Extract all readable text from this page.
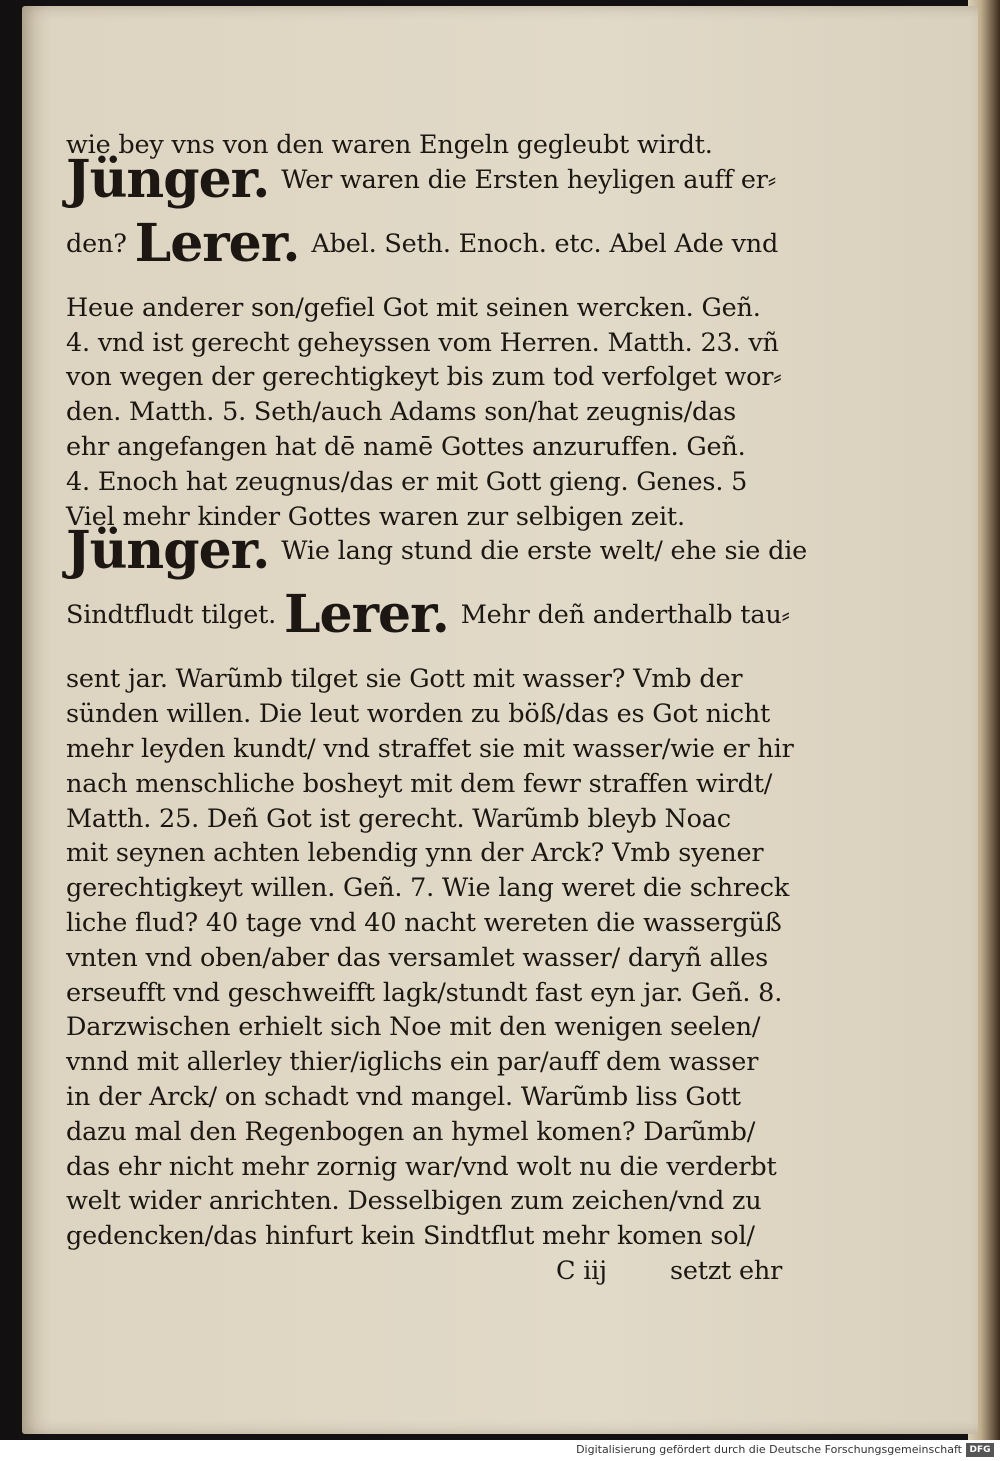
wie bey vns von den waren Engeln gegleubt wirdt.
Jünger. Wer waren die Ersten heyligen auff er⸗
den? Lerer. Abel. Seth. Enoch. etc. Abel Ade vnd
Heue anderer son/gefiel Got mit seinen wercken. Geñ.
4. vnd ist gerecht geheyssen vom Herren. Matth. 23. vñ
von wegen der gerechtigkeyt bis zum tod verfolget wor⸗
den. Matth. 5. Seth/auch Adams son/hat zeugnis/das
ehr angefangen hat dē namē Gottes anzuruffen. Geñ.
4. Enoch hat zeugnus/das er mit Gott gieng. Genes. 5
Viel mehr kinder Gottes waren zur selbigen zeit.
Jünger. Wie lang stund die erste welt/ ehe sie die
Sindtfludt tilget. Lerer. Mehr deñ anderthalb tau⸗
sent jar. Warũmb tilget sie Gott mit wasser? Vmb der
sünden willen. Die leut worden zu böß/das es Got nicht
mehr leyden kundt/ vnd straffet sie mit wasser/wie er hir
nach menschliche bosheyt mit dem fewr straffen wirdt/
Matth. 25. Deñ Got ist gerecht. Warũmb bleyb Noac
mit seynen achten lebendig ynn der Arck? Vmb syener
gerechtigkeyt willen. Geñ. 7. Wie lang weret die schreck
liche flud? 40 tage vnd 40 nacht wereten die wassergüß
vnten vnd oben/aber das versamlet wasser/ daryñ alles
erseufft vnd geschweifft lagk/stundt fast eyn jar. Geñ. 8.
Darzwischen erhielt sich Noe mit den wenigen seelen/
vnnd mit allerley thier/iglichs ein par/auff dem wasser
in der Arck/ on schadt vnd mangel. Warũmb liss Gott
dazu mal den Regenbogen an hymel komen? Darũmb/
das ehr nicht mehr zornig war/vnd wolt nu die verderbt
welt wider anrichten. Desselbigen zum zeichen/vnd zu
gedencken/das hinfurt kein Sindtflut mehr komen sol/
C iij setzt ehr
Digitalisierung gefördert durch die Deutsche Forschungsgemeinschaft DFG
